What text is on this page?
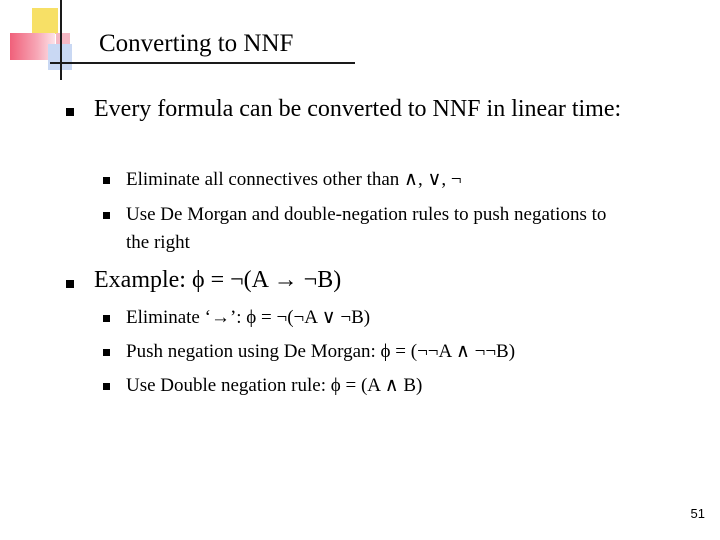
Converting to NNF
Every formula can be converted to NNF in linear time:
Eliminate all connectives other than ∧, ∨, ¬
Use De Morgan and double-negation rules to push negations to the right
Example: ϕ = ¬(A → ¬B)
Eliminate ‘→’: ϕ = ¬(¬A ∨ ¬B)
Push negation using De Morgan: ϕ = (¬¬A ∧ ¬¬B)
Use Double negation rule: ϕ = (A ∧ B)
51
